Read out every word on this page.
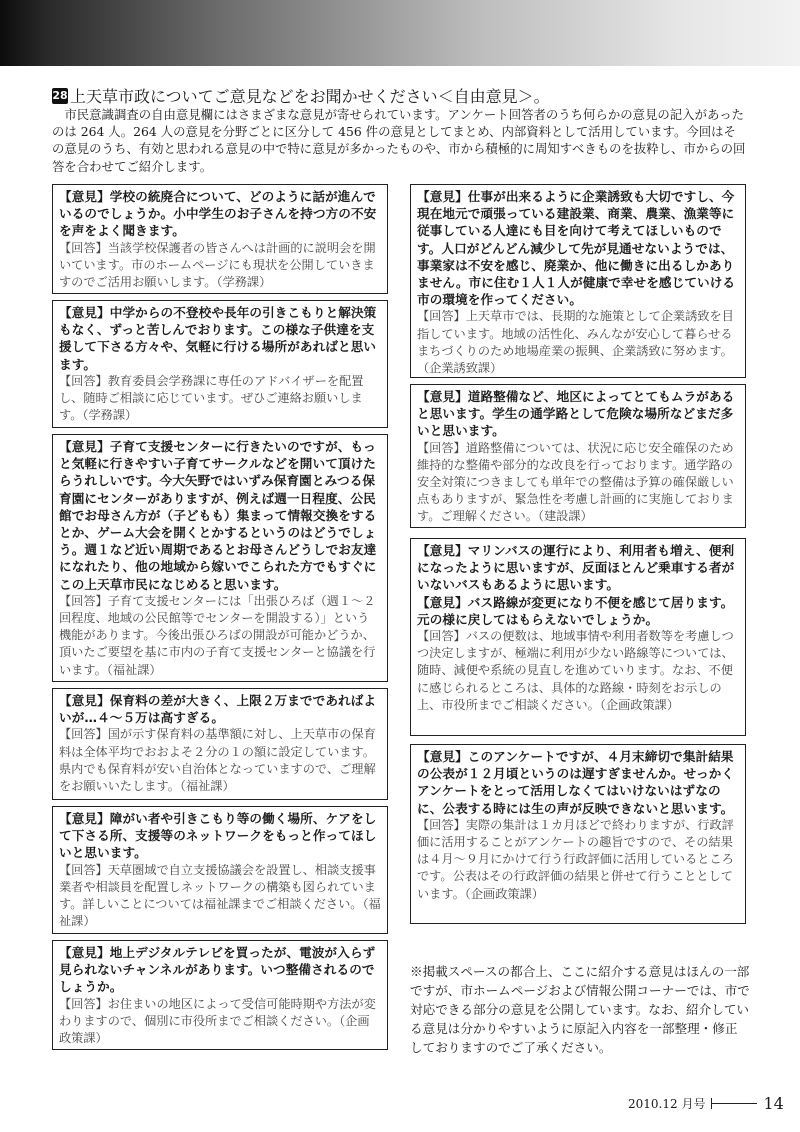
28 上天草市政についてご意見などをお聞かせください＜自由意見＞。
市民意識調査の自由意見欄にはさまざまな意見が寄せられています。アンケート回答者のうち何らかの意見の記入があったのは 264 人。264 人の意見を分野ごとに区分して 456 件の意見としてまとめ、内部資料として活用しています。今回はその意見のうち、有効と思われる意見の中で特に意見が多かったものや、市から積極的に周知すべきものを抜粋し、市からの回答を合わせてご紹介します。
【意見】学校の統廃合について、どのように話が進んでいるのでしょうか。小中学生のお子さんを持つ方の不安を声をよく聞きます。
【回答】当該学校保護者の皆さんへは計画的に説明会を開いています。市のホームページにも現状を公開していきますのでご活用お願いします。（学務課）
【意見】中学からの不登校や長年の引きこもりと解決策もなく、ずっと苦しんでおります。この様な子供達を支援して下さる方々や、気軽に行ける場所があればと思います。
【回答】教育委員会学務課に専任のアドバイザーを配置し、随時ご相談に応じています。ぜひご連絡お願いします。（学務課）
【意見】子育て支援センターに行きたいのですが、もっと気軽に行きやすい子育てサークルなどを開いて頂けたらうれしいです。今大矢野ではいずみ保育園とみつる保育園にセンターがありますが、例えば週一日程度、公民館でお母さん方が（子どもも）集まって情報交換をするとか、ゲーム大会を開くとかするというのはどうでしょう。週１など近い周期であるとお母さんどうしでお友達になれたり、他の地域から嫁いでこられた方でもすぐにこの上天草市民になじめると思います。
【回答】子育て支援センターには「出張ひろば（週１～２回程度、地域の公民館等でセンターを開設する）」という機能があります。今後出張ひろばの開設が可能かどうか、頂いたご要望を基に市内の子育て支援センターと協議を行います。（福祉課）
【意見】保育料の差が大きく、上限２万までであればよいが…４～５万は高すぎる。
【回答】国が示す保育料の基準額に対し、上天草市の保育料は全体平均でおおよそ２分の１の額に設定しています。県内でも保育料が安い自治体となっていますので、ご理解をお願いいたします。（福祉課）
【意見】障がい者や引きこもり等の働く場所、ケアをして下さる所、支援等のネットワークをもっと作ってほしいと思います。
【回答】天草圏域で自立支援協議会を設置し、相談支援事業者や相談員を配置しネットワークの構築も図られています。詳しいことについては福祉課までご相談ください。（福祉課）
【意見】地上デジタルテレビを買ったが、電波が入らず見られないチャンネルがあります。いつ整備されるのでしょうか。
【回答】お住まいの地区によって受信可能時期や方法が変わりますので、個別に市役所までご相談ください。（企画政策課）
【意見】仕事が出来るように企業誘致も大切ですし、今現在地元で頑張っている建設業、商業、農業、漁業等に従事している人達にも目を向けて考えてほしいものです。人口がどんどん減少して先が見通せないようでは、事業家は不安を感じ、廃業か、他に働きに出るしかありません。市に住む１人１人が健康で幸せを感じていける市の環境を作ってください。
【回答】上天草市では、長期的な施策として企業誘致を目指しています。地域の活性化、みんなが安心して暮らせるまちづくりのため地場産業の振興、企業誘致に努めます。（企業誘致課）
【意見】道路整備など、地区によってとてもムラがあると思います。学生の通学路として危険な場所などまだ多いと思います。
【回答】道路整備については、状況に応じ安全確保のため維持的な整備や部分的な改良を行っております。通学路の安全対策につきましても単年での整備は予算の確保厳しい点もありますが、緊急性を考慮し計画的に実施しております。ご理解ください。（建設課）
【意見】マリンバスの運行により、利用者も増え、便利になったように思いますが、反面ほとんど乗車する者がいないバスもあるように思います。
【意見】バス路線が変更になり不便を感じて居ります。元の様に戻してはもらえないでしょうか。
【回答】バスの便数は、地域事情や利用者数等を考慮しつつ決定しますが、極端に利用が少ない路線等については、随時、減便や系統の見直しを進めていります。なお、不便に感じられるところは、具体的な路線・時刻をお示しの上、市役所までご相談ください。（企画政策課）
【意見】このアンケートですが、４月末締切で集計結果の公表が１２月頃というのは遅すぎませんか。せっかくアンケートをとって活用しなくてはいけないはずなのに、公表する時には生の声が反映できないと思います。
【回答】実際の集計は１カ月ほどで終わりますが、行政評価に活用することがアンケートの趣旨ですので、その結果は４月～９月にかけて行う行政評価に活用しているところです。公表はその行政評価の結果と併せて行うこととしています。（企画政策課）
※掲載スペースの都合上、ここに紹介する意見はほんの一部ですが、市ホームページおよび情報公開コーナーでは、市で対応できる部分の意見を公開しています。なお、紹介している意見は分かりやすいように原記入内容を一部整理・修正しておりますのでご了承ください。
2010.12 月号	14
